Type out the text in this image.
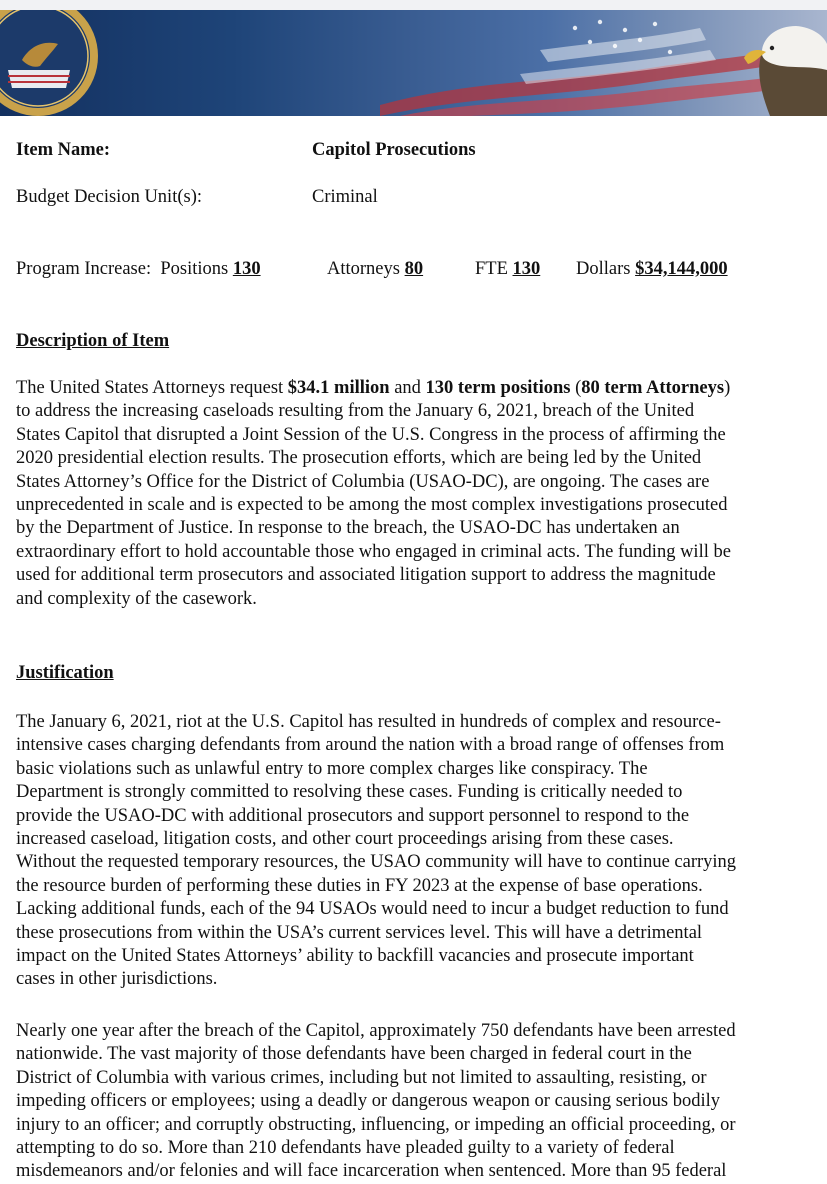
Item Name:	Capitol Prosecutions
Budget Decision Unit(s):	Criminal
Program Increase: Positions 130	Attorneys 80	FTE 130 Dollars $34,144,000
Description of Item
The United States Attorneys request $34.1 million and 130 term positions (80 term Attorneys)
to address the increasing caseloads resulting from the January 6, 2021, breach of the United
States Capitol that disrupted a Joint Session of the U.S. Congress in the process of affirming the
2020 presidential election results. The prosecution efforts, which are being led by the United
States Attorney’s Office for the District of Columbia (USAO-DC), are ongoing. The cases are
unprecedented in scale and is expected to be among the most complex investigations prosecuted
by the Department of Justice. In response to the breach, the USAO-DC has undertaken an
extraordinary effort to hold accountable those who engaged in criminal acts. The funding will be
used for additional term prosecutors and associated litigation support to address the magnitude
and complexity of the casework.
Justification
The January 6, 2021, riot at the U.S. Capitol has resulted in hundreds of complex and resource-
intensive cases charging defendants from around the nation with a broad range of offenses from
basic violations such as unlawful entry to more complex charges like conspiracy. The
Department is strongly committed to resolving these cases. Funding is critically needed to
provide the USAO-DC with additional prosecutors and support personnel to respond to the
increased caseload, litigation costs, and other court proceedings arising from these cases.
Without the requested temporary resources, the USAO community will have to continue carrying
the resource burden of performing these duties in FY 2023 at the expense of base operations.
Lacking additional funds, each of the 94 USAOs would need to incur a budget reduction to fund
these prosecutions from within the USA’s current services level. This will have a detrimental
impact on the United States Attorneys’ ability to backfill vacancies and prosecute important
cases in other jurisdictions.
Nearly one year after the breach of the Capitol, approximately 750 defendants have been arrested
nationwide. The vast majority of those defendants have been charged in federal court in the
District of Columbia with various crimes, including but not limited to assaulting, resisting, or
impeding officers or employees; using a deadly or dangerous weapon or causing serious bodily
injury to an officer; and corruptly obstructing, influencing, or impeding an official proceeding, or
attempting to do so. More than 210 defendants have pleaded guilty to a variety of federal
misdemeanors and/or felonies and will face incarceration when sentenced. More than 95 federal
